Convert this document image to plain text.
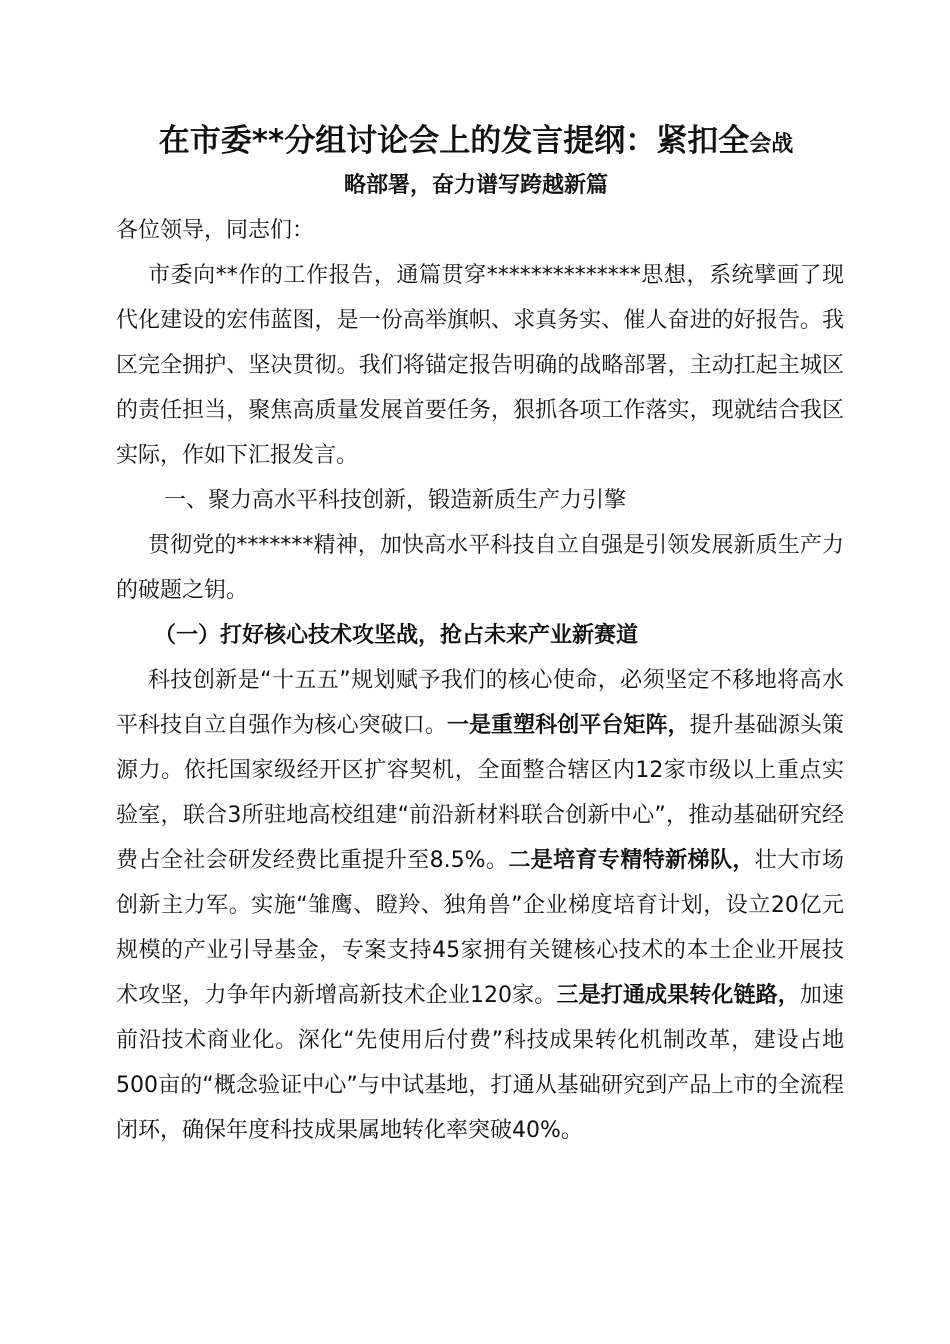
在市委**分组讨论会上的发言提纲：紧扣全会战
略部署，奋力谱写跨越新篇

各位领导，同志们：

市委向**作的工作报告，通篇贯穿**************思想，系统擘画了现代化建设的宏伟蓝图，是一份高举旗帜、求真务实、催人奋进的好报告。我区完全拥护、坚决贯彻。我们将锚定报告明确的战略部署，主动扛起主城区的责任担当，聚焦高质量发展首要任务，狠抓各项工作落实，现就结合我区实际，作如下汇报发言。

一、聚力高水平科技创新，锻造新质生产力引擎

贯彻党的*******精神，加快高水平科技自立自强是引领发展新质生产力的破题之钥。

（一）打好核心技术攻坚战，抢占未来产业新赛道

科技创新是“十五五”规划赋予我们的核心使命，必须坚定不移地将高水平科技自立自强作为核心突破口。一是重塑科创平台矩阵，提升基础源头策源力。依托国家级经开区扩容契机，全面整合辖区内12家市级以上重点实验室，联合3所驻地高校组建“前沿新材料联合创新中心”，推动基础研究经费占全社会研发经费比重提升至8.5%。二是培育专精特新梯队，壮大市场创新主力军。实施“雏鹰、瞪羚、独角兽”企业梯度培育计划，设立20亿元规模的产业引导基金，专案支持45家拥有关键核心技术的本土企业开展技术攻坚，力争年内新增高新技术企业120家。三是打通成果转化链路，加速前沿技术商业化。深化“先使用后付费”科技成果转化机制改革，建设占地500亩的“概念验证中心”与中试基地，打通从基础研究到产品上市的全流程闭环，确保年度科技成果属地转化率突破40%。
